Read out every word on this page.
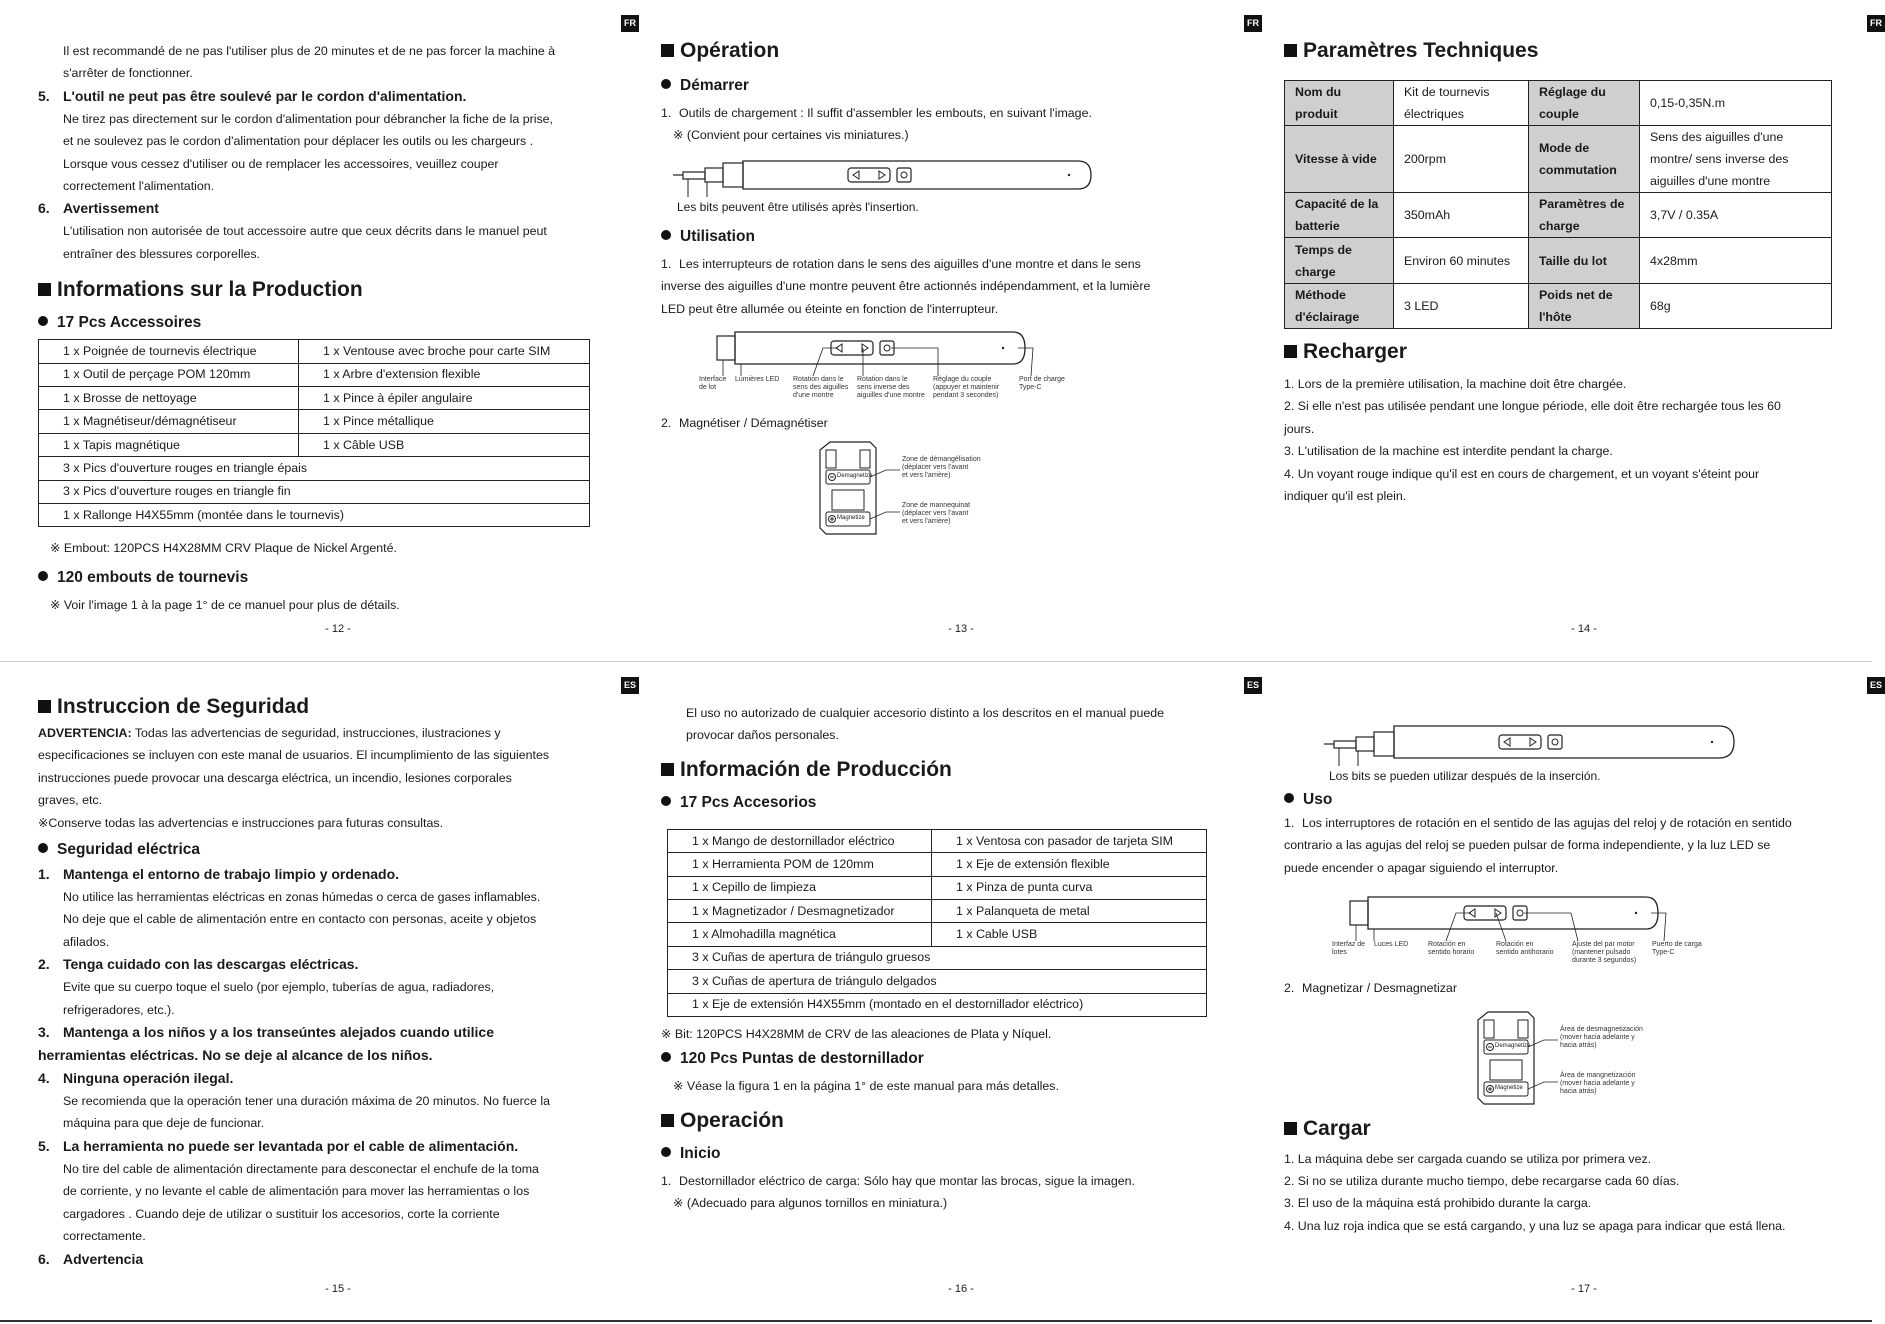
FR
Il est recommandé de ne pas l'utiliser plus de 20 minutes et de ne pas forcer la machine à
s'arrêter de fonctionner.
5. L'outil ne peut pas être soulevé par le cordon d'alimentation.
Ne tirez pas directement sur le cordon d'alimentation pour débrancher la fiche de la prise,
et ne soulevez pas le cordon d'alimentation pour déplacer les outils ou les chargeurs .
Lorsque vous cessez d'utiliser ou de remplacer les accessoires, veuillez couper
correctement l'alimentation.
6. Avertissement
L'utilisation non autorisée de tout accessoire autre que ceux décrits dans le manuel peut
entraîner des blessures corporelles.
Informations sur la Production
17 Pcs Accessoires
1 x Poignée de tournevis électrique	1 x Ventouse avec broche pour carte SIM
1 x Outil de perçage POM 120mm	1 x Arbre d'extension flexible
1 x Brosse de nettoyage	1 x Pince à épiler angulaire
1 x Magnétiseur/démagnétiseur	1 x Pince métallique
1 x Tapis magnétique	1 x Câble USB
3 x Pics d'ouverture rouges en triangle épais	
3 x Pics d'ouverture rouges en triangle fin	
1 x Rallonge H4X55mm (montée dans le tournevis)	
※ Embout: 120PCS H4X28MM CRV Plaque de Nickel Argenté.
120 embouts de tournevis
※ Voir l'image 1 à la page 1° de ce manuel pour plus de détails.
- 12 -
FR
Opération
Démarrer
1. Outils de chargement : Il suffit d'assembler les embouts, en suivant l'image.
※ (Convient pour certaines vis miniatures.)
Les bits peuvent être utilisés après l'insertion.
Utilisation
1. Les interrupteurs de rotation dans le sens des aiguilles d'une montre et dans le sens
inverse des aiguilles d'une montre peuvent être actionnés indépendamment, et la lumière
LED peut être allumée ou éteinte en fonction de l'interrupteur.
Interface
de lot
Lumières LED Rotation dans le
sens des aiguilles
d'une montre
Rotation dans le
sens inverse des
aiguilles d'une montre
Réglage du couple
(appuyer et maintenir
pendant 3 secondes)
Port de charge
Type-C
2. Magnétiser / Démagnétiser
Demagnetize
Magnetize
Zone de démangélisation
(déplacer vers l'avant
et vers l'arrière)
Zone de mannequinat
(déplacer vers l'avant
et vers l'arrière)
- 13 -
FR
Paramètres Techniques
Nom du produit	Kit de tournevis électriques	Réglage du couple	0,15-0,35N.m
Vitesse à vide	200rpm	Mode de commutation	Sens des aiguilles d'une montre/ sens inverse des aiguilles d'une montre
Capacité de la batterie	350mAh	Paramètres de charge	3,7V / 0.35A
Temps de charge	Environ 60 minutes	Taille du lot	4x28mm
Méthode d'éclairage	3 LED	Poids net de l'hôte	68g
Recharger
1. Lors de la première utilisation, la machine doit être chargée.
2. Si elle n'est pas utilisée pendant une longue période, elle doit être rechargée tous les 60
jours.
3. L'utilisation de la machine est interdite pendant la charge.
4. Un voyant rouge indique qu'il est en cours de chargement, et un voyant s'éteint pour
indiquer qu'il est plein.
- 14 -
ES
Instruccion de Seguridad
ADVERTENCIA: Todas las advertencias de seguridad, instrucciones, ilustraciones y
especificaciones se incluyen con este manal de usuarios. El incumplimiento de las siguientes
instrucciones puede provocar una descarga eléctrica, un incendio, lesiones corporales
graves, etc.
※Conserve todas las advertencias e instrucciones para futuras consultas.
Seguridad eléctrica
1. Mantenga el entorno de trabajo limpio y ordenado.
No utilice las herramientas eléctricas en zonas húmedas o cerca de gases inflamables.
No deje que el cable de alimentación entre en contacto con personas, aceite y objetos
afilados.
2. Tenga cuidado con las descargas eléctricas.
Evite que su cuerpo toque el suelo (por ejemplo, tuberías de agua, radiadores,
refrigeradores, etc.).
3. Mantenga a los niños y a los transeúntes alejados cuando utilice
herramientas eléctricas. No se deje al alcance de los niños.
4. Ninguna operación ilegal.
Se recomienda que la operación tener una duración máxima de 20 minutos. No fuerce la
máquina para que deje de funcionar.
5. La herramienta no puede ser levantada por el cable de alimentación.
No tire del cable de alimentación directamente para desconectar el enchufe de la toma
de corriente, y no levante el cable de alimentación para mover las herramientas o los
cargadores . Cuando deje de utilizar o sustituir los accesorios, corte la corriente
correctamente.
6. Advertencia
- 15 -
ES
El uso no autorizado de cualquier accesorio distinto a los descritos en el manual puede
provocar daños personales.
Información de Producción
17 Pcs Accesorios
1 x Mango de destornillador eléctrico	1 x Ventosa con pasador de tarjeta SIM
1 x Herramienta POM de 120mm	1 x Eje de extensión flexible
1 x Cepillo de limpieza	1 x Pinza de punta curva
1 x Magnetizador / Desmagnetizador	1 x Palanqueta de metal
1 x Almohadilla magnética	1 x Cable USB
3 x Cuñas de apertura de triángulo gruesos	
3 x Cuñas de apertura de triángulo delgados	
1 x Eje de extensión H4X55mm (montado en el destornillador eléctrico)	
※ Bit: 120PCS H4X28MM de CRV de las aleaciones de Plata y Níquel.
120 Pcs Puntas de destornillador
※ Véase la figura 1 en la página 1° de este manual para más detalles.
Operación
Inicio
1. Destornillador eléctrico de carga: Sólo hay que montar las brocas, sigue la imagen.
※ (Adecuado para algunos tornillos en miniatura.)
- 16 -
ES
Los bits se pueden utilizar después de la inserción.
Uso
1. Los interruptores de rotación en el sentido de las agujas del reloj y de rotación en sentido
contrario a las agujas del reloj se pueden pulsar de forma independiente, y la luz LED se
puede encender o apagar siguiendo el interruptor.
Interfaz de
lotes
Luces LED	Rotación en
sentido horario
Rotación en
sentido antihorario
Ajuste del par motor
(mantener pulsado
durante 3 segundos)
Puerto de carga
Type-C
2. Magnetizar / Desmagnetizar
Demagnetize
Magnetize
Área de desmagnetización
(mover hacia adelante y
hacia atrás)
Área de mangnetización
(mover hacia adelante y
hacia atrás)
Cargar
1. La máquina debe ser cargada cuando se utiliza por primera vez.
2. Si no se utiliza durante mucho tiempo, debe recargarse cada 60 días.
3. El uso de la máquina está prohibido durante la carga.
4. Una luz roja indica que se está cargando, y una luz se apaga para indicar que está llena.
- 17 -
